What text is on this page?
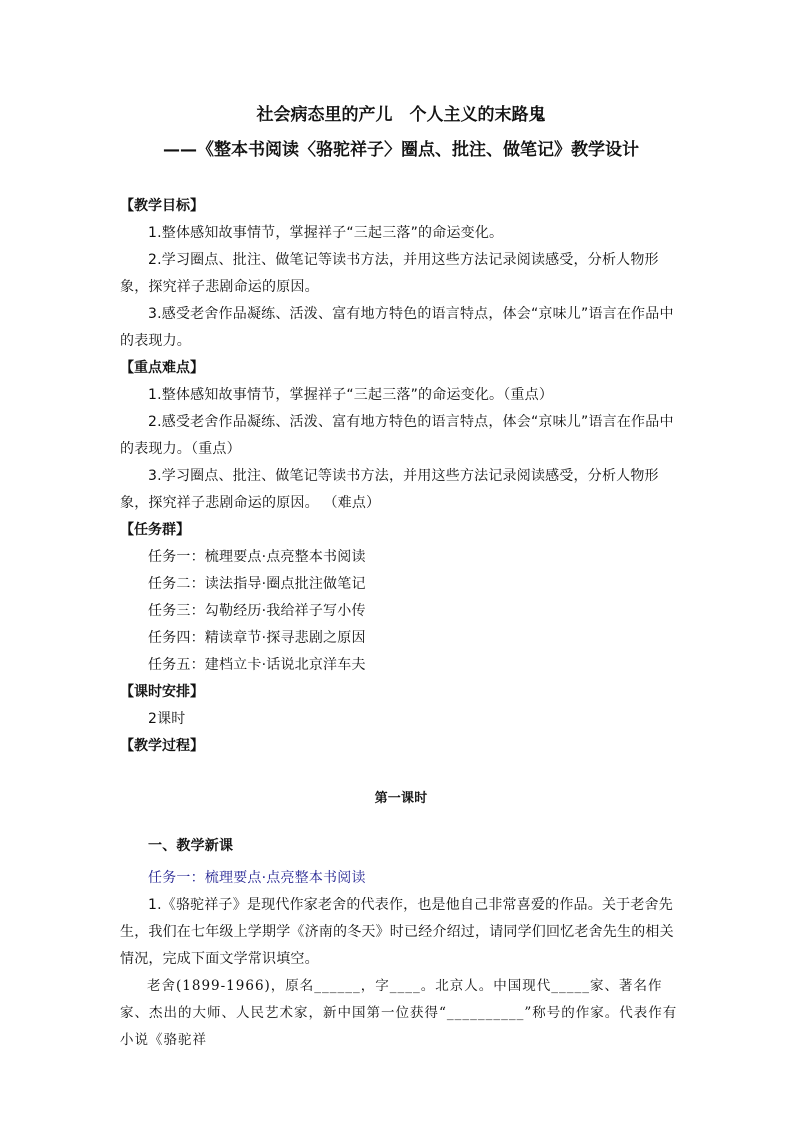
社会病态里的产儿　个人主义的末路鬼
——《整本书阅读〈骆驼祥子〉圈点、批注、做笔记》教学设计
【教学目标】

1.整体感知故事情节，掌握祥子“三起三落”的命运变化。

2.学习圈点、批注、做笔记等读书方法，并用这些方法记录阅读感受，分析人物形象，探究祥子悲剧命运的原因。

3.感受老舍作品凝练、活泼、富有地方特色的语言特点，体会“京味儿”语言在作品中的表现力。

【重点难点】

1.整体感知故事情节，掌握祥子“三起三落”的命运变化。（重点）

2.感受老舍作品凝练、活泼、富有地方特色的语言特点，体会“京味儿”语言在作品中的表现力。（重点）

3.学习圈点、批注、做笔记等读书方法，并用这些方法记录阅读感受，分析人物形象，探究祥子悲剧命运的原因。 （难点）

【任务群】

任务一：梳理要点·点亮整本书阅读

任务二：读法指导·圈点批注做笔记

任务三：勾勒经历·我给祥子写小传

任务四：精读章节·探寻悲剧之原因

任务五：建档立卡·话说北京洋车夫

【课时安排】

2课时

【教学过程】

第一课时

一、教学新课

任务一：梳理要点·点亮整本书阅读

1.《骆驼祥子》是现代作家老舍的代表作，也是他自己非常喜爱的作品。关于老舍先生，我们在七年级上学期学《济南的冬天》时已经介绍过，请同学们回忆老舍先生的相关情况，完成下面文学常识填空。

老舍(1899-1966)，原名______，字____。北京人。中国现代_____家、著名作家、杰出的大师、人民艺术家，新中国第一位获得“__________”称号的作家。代表作有小说《骆驼祥
